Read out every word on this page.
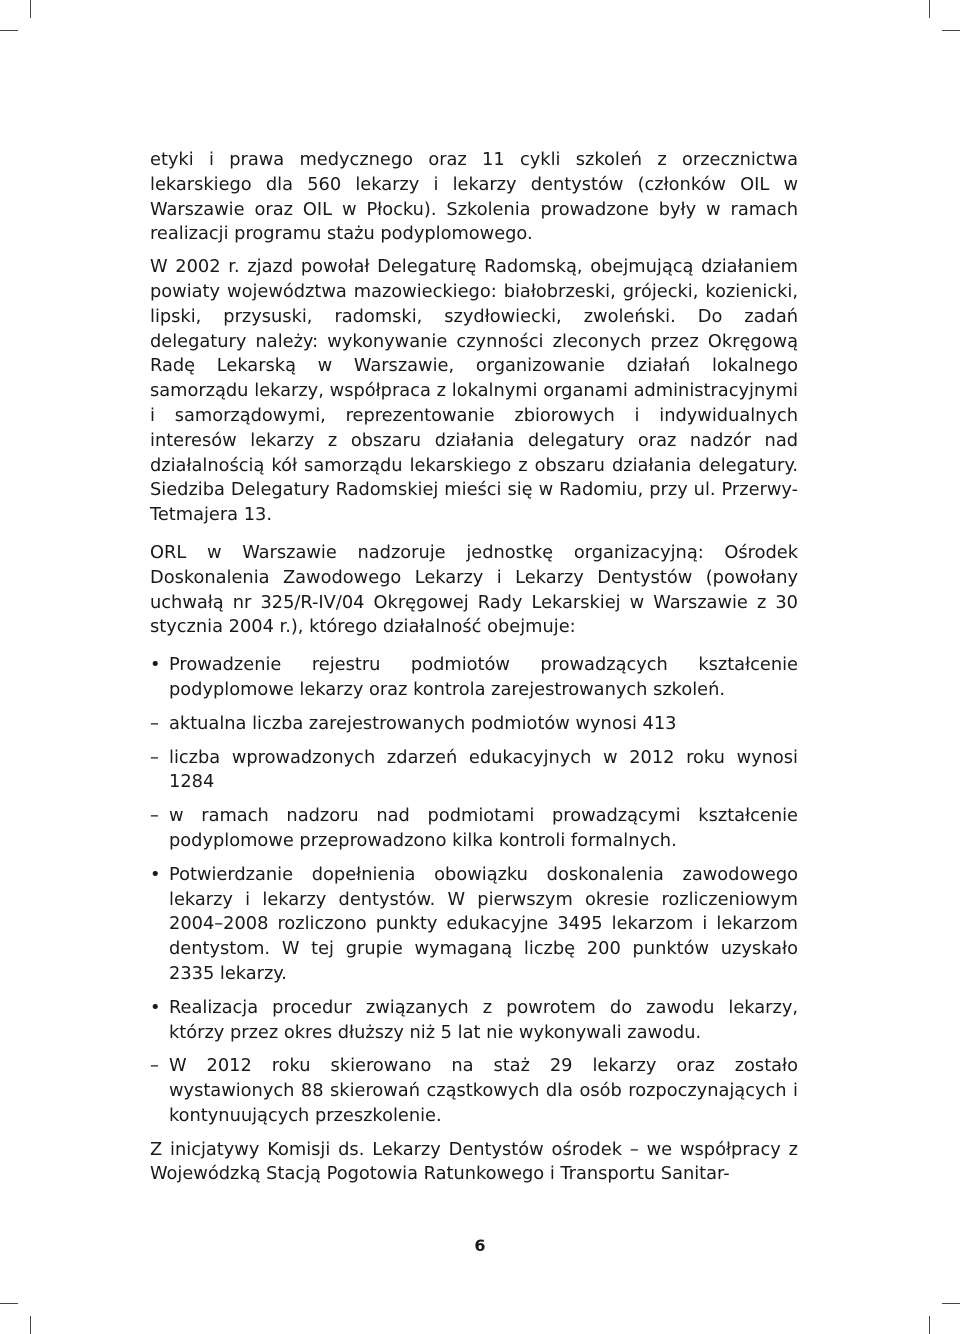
etyki i prawa medycznego oraz 11 cykli szkoleń z orzecznictwa lekarskiego dla 560 lekarzy i lekarzy dentystów (członków OIL w Warszawie oraz OIL w Płocku). Szkolenia prowadzone były w ramach realizacji programu stażu podyplomowego.

W 2002 r. zjazd powołał Delegaturę Radomską, obejmującą działaniem powiaty województwa mazowieckiego: białobrzeski, grójecki, kozienicki, lipski, przysuski, radomski, szydłowiecki, zwoleński. Do zadań delegatury należy: wykonywanie czynności zleconych przez Okręgową Radę Lekarską w Warszawie, organizowanie działań lokalnego samorządu lekarzy, współpraca z lokalnymi organami administracyjnymi i samorządowymi, reprezentowanie zbiorowych i indywidualnych interesów lekarzy z obszaru działania delegatury oraz nadzór nad działalnością kół samorządu lekarskiego z obszaru działania delegatury. Siedziba Delegatury Radomskiej mieści się w Radomiu, przy ul. Przerwy-Tetmajera 13.

ORL w Warszawie nadzoruje jednostkę organizacyjną: Ośrodek Doskonalenia Zawodowego Lekarzy i Lekarzy Dentystów (powołany uchwałą nr 325/R-IV/04 Okręgowej Rady Lekarskiej w Warszawie z 30 stycznia 2004 r.), którego działalność obejmuje:

• Prowadzenie rejestru podmiotów prowadzących kształcenie podyplomowe lekarzy oraz kontrola zarejestrowanych szkoleń.
– aktualna liczba zarejestrowanych podmiotów wynosi 413
– liczba wprowadzonych zdarzeń edukacyjnych w 2012 roku wynosi 1284
– w ramach nadzoru nad podmiotami prowadzącymi kształcenie podyplomowe przeprowadzono kilka kontroli formalnych.
• Potwierdzanie dopełnienia obowiązku doskonalenia zawodowego lekarzy i lekarzy dentystów. W pierwszym okresie rozliczeniowym 2004–2008 rozliczono punkty edukacyjne 3495 lekarzom i lekarzom dentystom. W tej grupie wymaganą liczbę 200 punktów uzyskało 2335 lekarzy.
• Realizacja procedur związanych z powrotem do zawodu lekarzy, którzy przez okres dłuższy niż 5 lat nie wykonywali zawodu.
– W 2012 roku skierowano na staż 29 lekarzy oraz zostało wystawionych 88 skierowań cząstkowych dla osób rozpoczynających i kontynuujących przeszkolenie.

Z inicjatywy Komisji ds. Lekarzy Dentystów ośrodek – we współpracy z Wojewódzką Stacją Pogotowia Ratunkowego i Transportu Sanitar-

6
